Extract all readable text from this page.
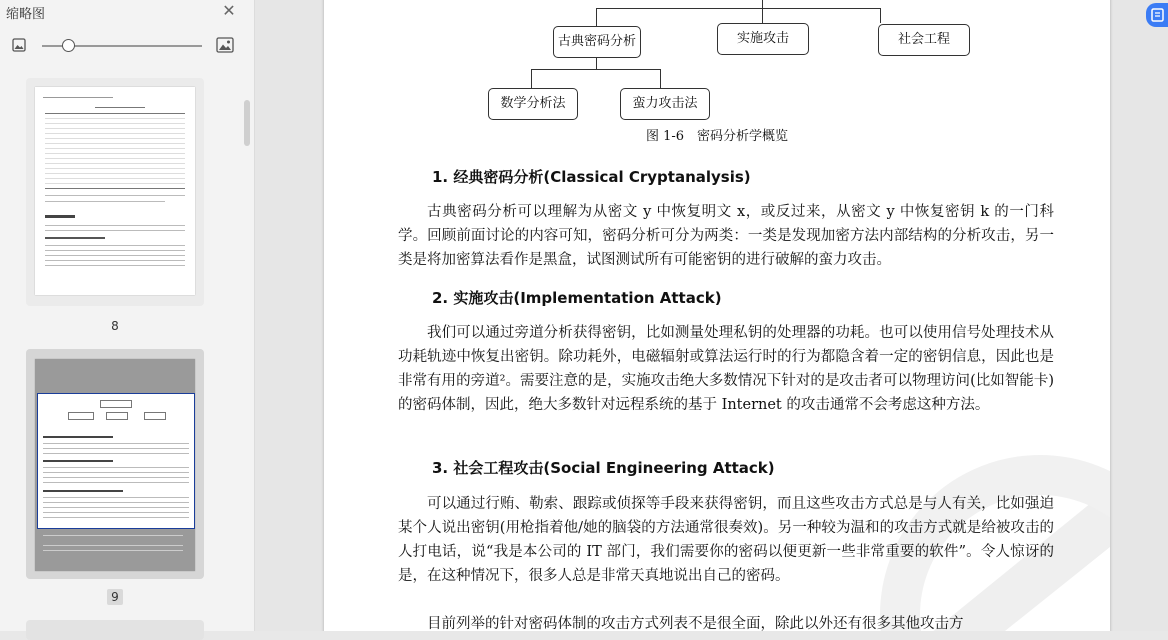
缩略图	✕
8
9
古典密码分析	实施攻击	社会工程
数学分析法	蛮力攻击法
图 1-6　密码分析学概览
1. 经典密码分析(Classical Cryptanalysis)
古典密码分析可以理解为从密文 y 中恢复明文 x，或反过来，从密文 y 中恢复密钥 k 的一门科学。回顾前面讨论的内容可知，密码分析可分为两类：一类是发现加密方法内部结构的分析攻击，另一类是将加密算法看作是黑盒，试图测试所有可能密钥的进行破解的蛮力攻击。
2. 实施攻击(Implementation Attack)
我们可以通过旁道分析获得密钥，比如测量处理私钥的处理器的功耗。也可以使用信号处理技术从功耗轨迹中恢复出密钥。除功耗外，电磁辐射或算法运行时的行为都隐含着一定的密钥信息，因此也是非常有用的旁道²。需要注意的是，实施攻击绝大多数情况下针对的是攻击者可以物理访问(比如智能卡)的密码体制，因此，绝大多数针对远程系统的基于 Internet 的攻击通常不会考虑这种方法。
3. 社会工程攻击(Social Engineering Attack)
可以通过行贿、勒索、跟踪或侦探等手段来获得密钥，而且这些攻击方式总是与人有关，比如强迫某个人说出密钥(用枪指着他/她的脑袋的方法通常很奏效)。另一种较为温和的攻击方式就是给被攻击的人打电话，说“我是本公司的 IT 部门，我们需要你的密码以便更新一些非常重要的软件”。令人惊讶的是，在这种情况下，很多人总是非常天真地说出自己的密码。
目前列举的针对密码体制的攻击方式列表不是很全面，除此以外还有很多其他攻击方
